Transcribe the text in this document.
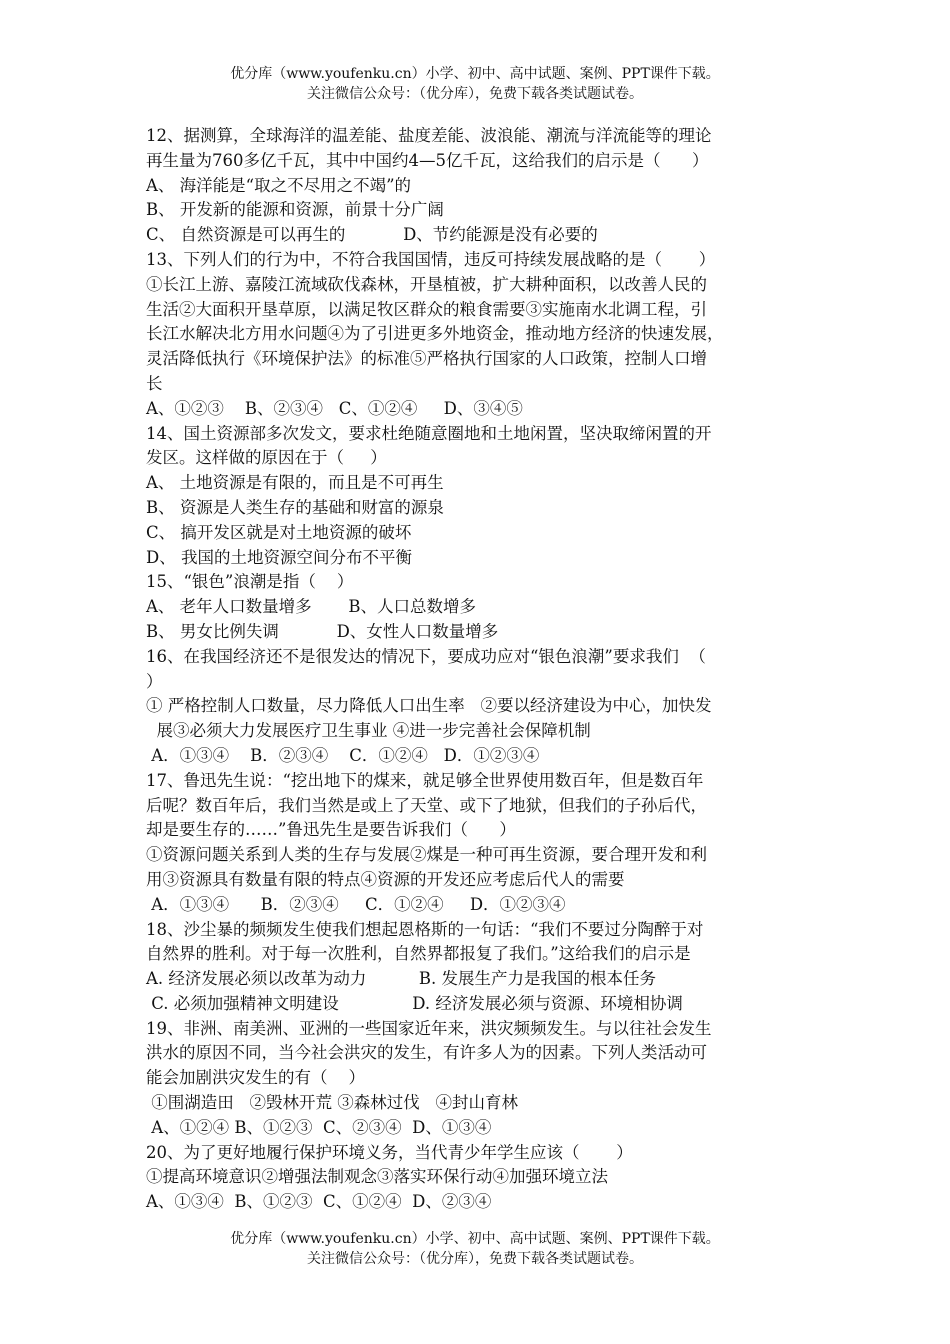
优分库（www.youfenku.cn）小学、初中、高中试题、案例、PPT课件下载。
关注微信公众号：（优分库），免费下载各类试题试卷。
12、据测算，全球海洋的温差能、盐度差能、波浪能、潮流与洋流能等的理论
再生量为760多亿千瓦，其中中国约4—5亿千瓦，这给我们的启示是（      ）
A、 海洋能是“取之不尽用之不竭”的
B、 开发新的能源和资源，前景十分广阔
C、 自然资源是可以再生的           D、节约能源是没有必要的
13、下列人们的行为中，不符合我国国情，违反可持续发展战略的是（       ）
①长江上游、嘉陵江流域砍伐森林，开垦植被，扩大耕种面积，以改善人民的
生活②大面积开垦草原，以满足牧区群众的粮食需要③实施南水北调工程，引
长江水解决北方用水问题④为了引进更多外地资金，推动地方经济的快速发展，
灵活降低执行《环境保护法》的标准⑤严格执行国家的人口政策，控制人口增
长
A、①②③    B、②③④   C、①②④     D、③④⑤
14、国土资源部多次发文，要求杜绝随意圈地和土地闲置，坚决取缔闲置的开
发区。这样做的原因在于（     ）
A、 土地资源是有限的，而且是不可再生
B、 资源是人类生存的基础和财富的源泉
C、 搞开发区就是对土地资源的破坏
D、 我国的土地资源空间分布不平衡
15、“银色”浪潮是指（    ）
A、 老年人口数量增多       B、人口总数增多
B、 男女比例失调           D、女性人口数量增多
16、在我国经济还不是很发达的情况下，要成功应对“银色浪潮”要求我们  （
）
① 严格控制人口数量，尽力降低人口出生率   ②要以经济建设为中心，加快发
展③必须大力发展医疗卫生事业 ④进一步完善社会保障机制
A．①③④    B．②③④    C．①②④   D．①②③④
17、鲁迅先生说：“挖出地下的煤来，就足够全世界使用数百年，但是数百年
后呢？数百年后，我们当然是或上了天堂、或下了地狱，但我们的子孙后代，
却是要生存的……”鲁迅先生是要告诉我们（      ）
①资源问题关系到人类的生存与发展②煤是一种可再生资源，要合理开发和利
用③资源具有数量有限的特点④资源的开发还应考虑后代人的需要
A．①③④      B．②③④     C．①②④     D．①②③④
18、沙尘暴的频频发生使我们想起恩格斯的一句话：“我们不要过分陶醉于对
自然界的胜利。对于每一次胜利，自然界都报复了我们。”这给我们的启示是
A. 经济发展必须以改革为动力          B. 发展生产力是我国的根本任务
C. 必须加强精神文明建设              D. 经济发展必须与资源、环境相协调
19、非洲、南美洲、亚洲的一些国家近年来，洪灾频频发生。与以往社会发生
洪水的原因不同，当今社会洪灾的发生，有许多人为的因素。下列人类活动可
能会加剧洪灾发生的有（    ）
①围湖造田   ②毁林开荒 ③森林过伐   ④封山育林
A、①②④ B、①②③  C、②③④  D、①③④
20、为了更好地履行保护环境义务，当代青少年学生应该（       ）
①提高环境意识②增强法制观念③落实环保行动④加强环境立法
A、①③④  B、①②③  C、①②④  D、②③④
优分库（www.youfenku.cn）小学、初中、高中试题、案例、PPT课件下载。
关注微信公众号：（优分库），免费下载各类试题试卷。
